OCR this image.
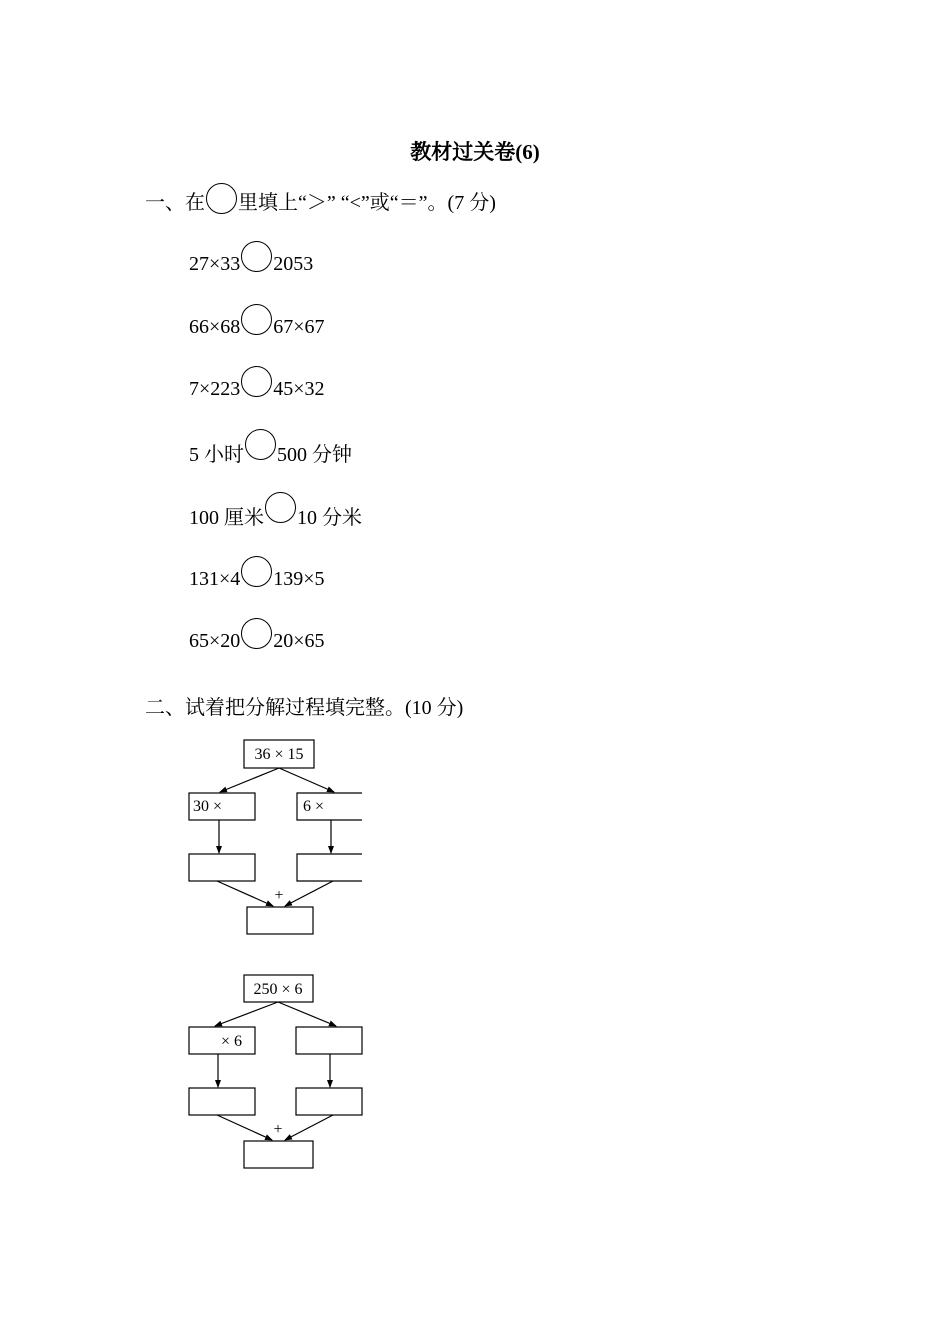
教材过关卷(6)
一、在 里填上“＞” “<”或“＝”。(7 分)
27×33 2053
66×68 67×67
7×223 45×32
5 小时 500 分钟
100 厘米 10 分米
131×4 139×5
65×20 20×65
二、试着把分解过程填完整。(10 分)
36 × 15
30 ×	6 ×
+
250 × 6
× 6
+
